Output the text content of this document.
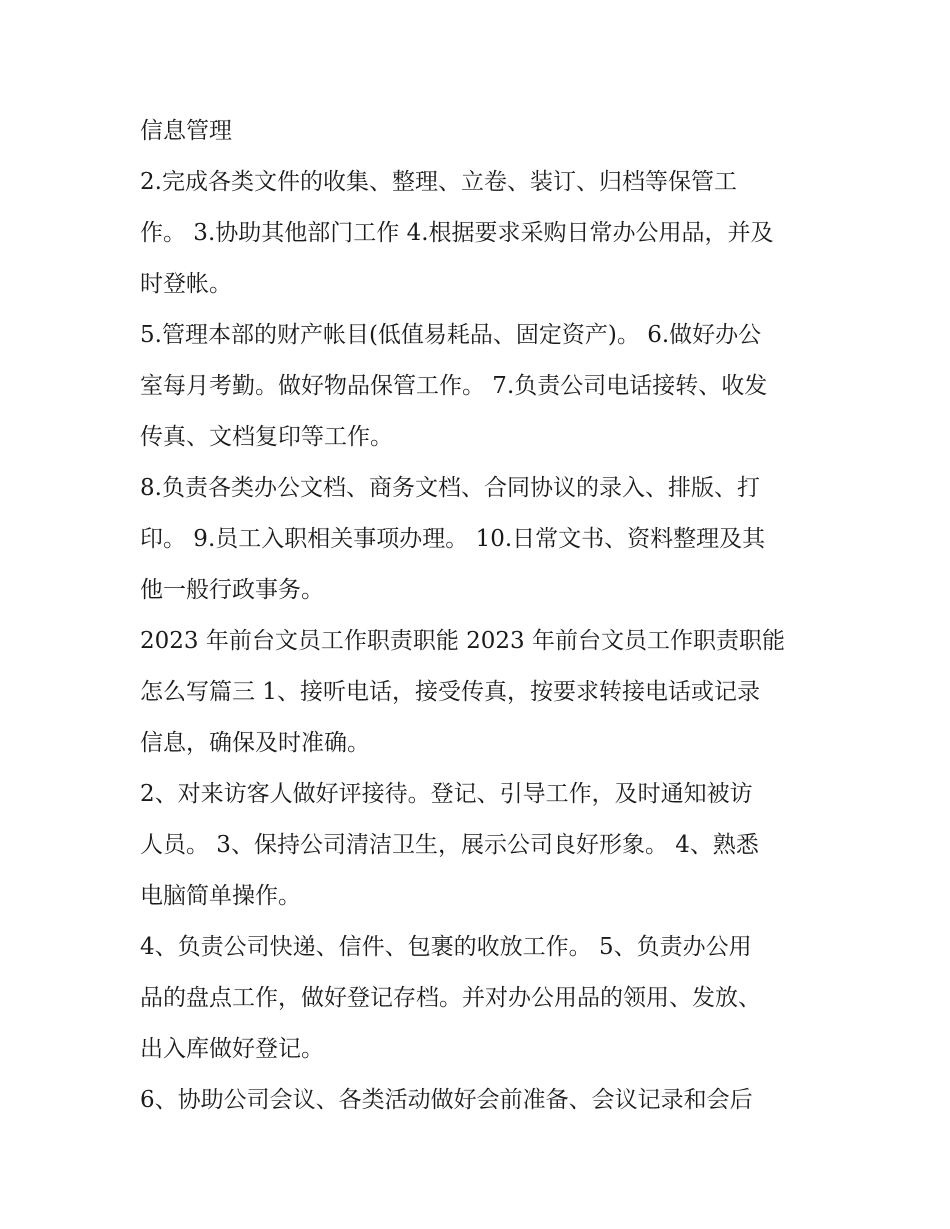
信息管理

2.完成各类文件的收集、整理、立卷、装订、归档等保管工
作。 3.协助其他部门工作 4.根据要求采购日常办公用品，并及
时登帐。

5.管理本部的财产帐目(低值易耗品、固定资产)。 6.做好办公
室每月考勤。做好物品保管工作。 7.负责公司电话接转、收发
传真、文档复印等工作。

8.负责各类办公文档、商务文档、合同协议的录入、排版、打
印。 9.员工入职相关事项办理。 10.日常文书、资料整理及其
他一般行政事务。

2023 年前台文员工作职责职能 2023 年前台文员工作职责职能
怎么写篇三 1、接听电话，接受传真，按要求转接电话或记录
信息，确保及时准确。

2、对来访客人做好评接待。登记、引导工作，及时通知被访
人员。 3、保持公司清洁卫生，展示公司良好形象。 4、熟悉
电脑简单操作。

4、负责公司快递、信件、包裹的收放工作。 5、负责办公用
品的盘点工作，做好登记存档。并对办公用品的领用、发放、
出入库做好登记。

6、协助公司会议、各类活动做好会前准备、会议记录和会后
